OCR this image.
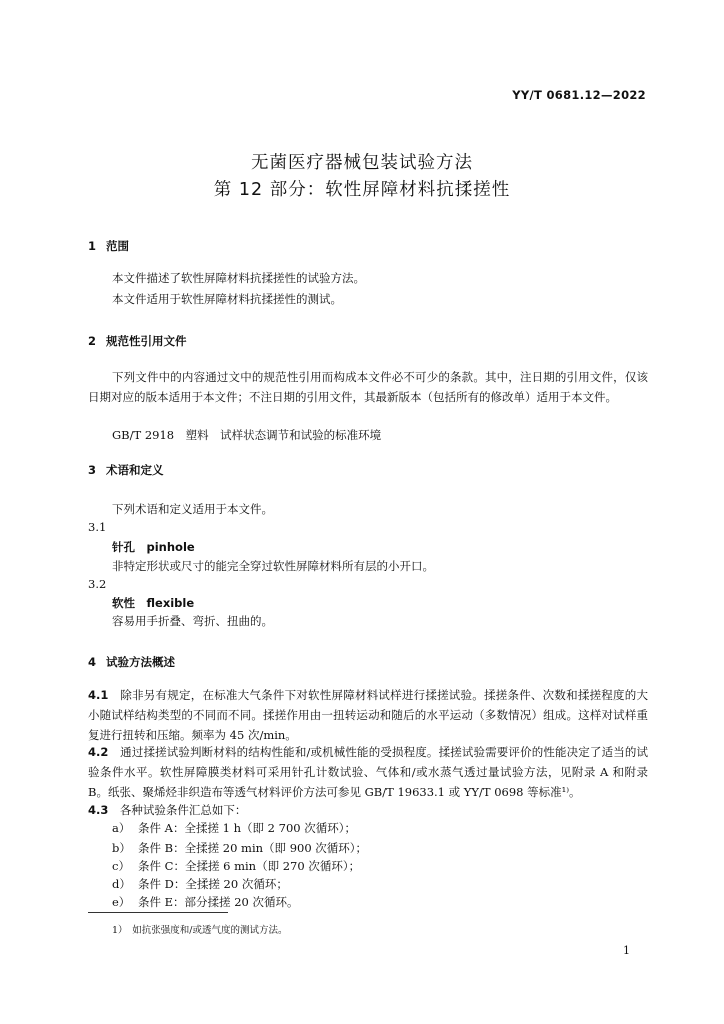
YY/T 0681.12—2022
无菌医疗器械包装试验方法
第 12 部分：软性屏障材料抗揉搓性
1 范围
本文件描述了软性屏障材料抗揉搓性的试验方法。
本文件适用于软性屏障材料抗揉搓性的测试。
2 规范性引用文件
下列文件中的内容通过文中的规范性引用而构成本文件必不可少的条款。其中，注日期的引用文件，仅该日期对应的版本适用于本文件；不注日期的引用文件，其最新版本（包括所有的修改单）适用于本文件。
GB/T 2918　塑料　试样状态调节和试验的标准环境
3 术语和定义
下列术语和定义适用于本文件。
3.1
针孔　pinhole
非特定形状或尺寸的能完全穿过软性屏障材料所有层的小开口。
3.2
软性　flexible
容易用手折叠、弯折、扭曲的。
4 试验方法概述
4.1　 除非另有规定，在标准大气条件下对软性屏障材料试样进行揉搓试验。揉搓条件、次数和揉搓程度的大小随试样结构类型的不同而不同。揉搓作用由一扭转运动和随后的水平运动（多数情况）组成。这样对试样重复进行扭转和压缩。频率为 45 次/min。
4.2　 通过揉搓试验判断材料的结构性能和/或机械性能的受损程度。揉搓试验需要评价的性能决定了适当的试验条件水平。软性屏障膜类材料可采用针孔计数试验、气体和/或水蒸气透过量试验方法，见附录 A 和附录 B。纸张、聚烯烃非织造布等透气材料评价方法可参见 GB/T 19633.1 或 YY/T 0698 等标准¹⁾。
4.3　 各种试验条件汇总如下：
a） 条件 A：全揉搓 1 h（即 2 700 次循环）；
b） 条件 B：全揉搓 20 min（即 900 次循环）；
c） 条件 C：全揉搓 6 min（即 270 次循环）；
d） 条件 D：全揉搓 20 次循环；
e） 条件 E：部分揉搓 20 次循环。
1）　如抗张强度和/或透气度的测试方法。
1
